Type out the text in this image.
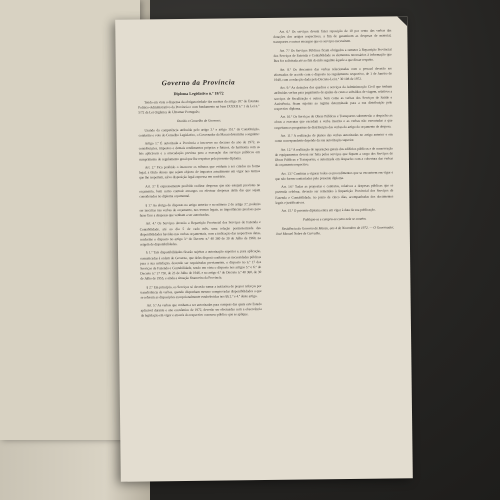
Governo da Província
Diploma Legislativo n.º 18/72

Tendo em vista a dispensa da obrigatoriedade das normas do artigo 18.º do Estatuto Político-Administrativo da Província e com fundamento na base IXXXII n.º 1 da Lei n.º 5/72 da Lei Orgânica do Ultramar Português;

Ouvido o Conselho de Governo;

Usando da competência atribuída pelo artigo 3.º e artigo 151.º da Constituição, conforme o voto do Conselho Legislativo, o Governador da Macau determina o seguinte:

Artigo 1.º É autorizada a Província a inscrever no decurso do ano de 1972, as contribuições, impostos e demais rendimentos próprios e futuros, de harmonia com as leis aplicáveis e a arrecadação prevista para a execução dos serviços públicos em cumprimento do regulamento geral que lhe respeitar pelo presente diploma.

Art. 2.º Fica proibido o inscrever os tributos que venham a ser criados na forma legal, a título desses que sejam objecto de impostos actualmente em vigor nos termos que lhe respeitem, salvo disposição legal expressa em contrário.

Art. 3.º É expressamente proibido realizar despesas que não estejam previstas no orçamento, bem como contrair encargos ou efectuar despesas além das que sejam considerados no diploma orçamental.

§ 1.º Ao abrigo do disposto no artigo anterior e no número 2 do artigo 3.º, poderão ser inscritas nas verbas do orçamento, nos termos legais, as importâncias precisas para fazer face a despesas que venham a ser autorizadas.

Art. 4.º Os Serviços deverão a Repartição Provincial dos Serviços de Fazenda e Contabilidade, até ao dia 5 de cada mês, uma relação pormenorizada das disponibilidades havidas nas verbas orçamentais, com a indicação das respectivas datas, conforme o disposto no artigo 3.º do Decreto n.º 40 360 de 30 de Julho de 1960, na origem de disponibilidades.

§ 1.º Tais disponibilidades ficarão sujeitas a autorização superior e, para aplicação, comunicadas à ordem do Governo, que delas disporá conforme as necessidades públicas para a sua satisfação, devendo ser requisitadas previamente, o disposto no n.º 17 dos Serviços de Fazenda e Contabilidade, tendo em vista o disposto nos artigos 5.º e 6.º do Decreto n.º 17 730, de 23 de Julho de 1946, e no artigo 4.º do Decreto n.º 40 360, de 30 de Julho de 1955, e ainda a situação financeira da Província.

§ 2.º Em princípio, os Serviços só deverão tomar a iniciativa de propor reforços por transferência de verbas, quando disponham mesmo comprovadas disponibilidades a que se referem as disposições excepcionalmente estabelecidas nos §§ 2.º e 4.º deste artigo.

Art. 5.º As verbas que venham a ser autorizadas para compras das quais este Estado aplicável durante o ano econômico de 1972, deverão ser efectuadas com a observância da legislação em vigor e através do respectivo concurso público que se aplique.

Art. 6.º Os serviços devem fazer reposição de 10 por cento das verbas das dotações dos artigos respectivos, a fim de garantirem as despesas de material, transportes e outros encargos que os serviços necessitem.

Art. 7.º Os Serviços Públicos ficam obrigados a remeter à Repartição Provincial dos Serviços de Fazenda e Contabilidade os elementos necessários à informação que lhes for solicitada até ao fim do mês seguinte àquele a que disser respeito.

Art. 8.º Os descontos das verbas relacionadas com o pessoal deverão ser efectuados de acordo com o disposto no regulamento respectivo, de 1 de Janeiro de 1948, com a redacção dada pelo Decreto-Lei n.º 30 108 de 1972.

Art. 9.º As dotações dos quadros e serviços da Administração Civil que tenham atribuídas verbas para pagamento de ajudas de custo e subsídios de viagem, relativos a serviços de fiscalização e outros, bem como as verbas dos Serviços de Saúde e Assistência, ficam sujeitas ao regime determinado para a sua distribuição pelo respectivo diploma.

Art. 10.º Os Serviços de Obras Públicas e Transportes submeterão a despacho as obras a executar que excedam a verba inscrita e as verbas não executadas a que respeitam os programas de distribuição das verbas do artigo do orçamento de despesa.

Art. 11.º A realização de planos das verbas autorizadas no artigo anterior e em conta correspondente depende da sua autorização superior.

Art. 12.º A realização de reparações gerais dos edifícios públicos e de conservação de equipamentos deverá ser feita pelos serviços que fiquem a cargo dos Serviços de Obras Públicas e Transportes, e autorizada em despacho com a cobertura das verbas do orçamento respectivo.

Art. 13.º Continua a vigorar todos os procedimentos que se encontrem em vigor e que não forem contrariados pelo presente diploma.

Art. 14.º Todas as propostas e contratos, relativos a despesas públicas que se pretenda celebrar, deverão ser remetidos à Repartição Provincial dos Serviços de Fazenda e Contabilidade, no prazo de cinco dias, acompanhadas dos documentos legais e justificativos.

Art. 15.º O presente diploma entra em vigor à data da sua publicação.

Publique-se e cumpra-se como nele se contém.

Residência do Governo de Macau, aos 4 de Novembro de 1972. — O Governador, José Manuel Nobre de Carvalho.
